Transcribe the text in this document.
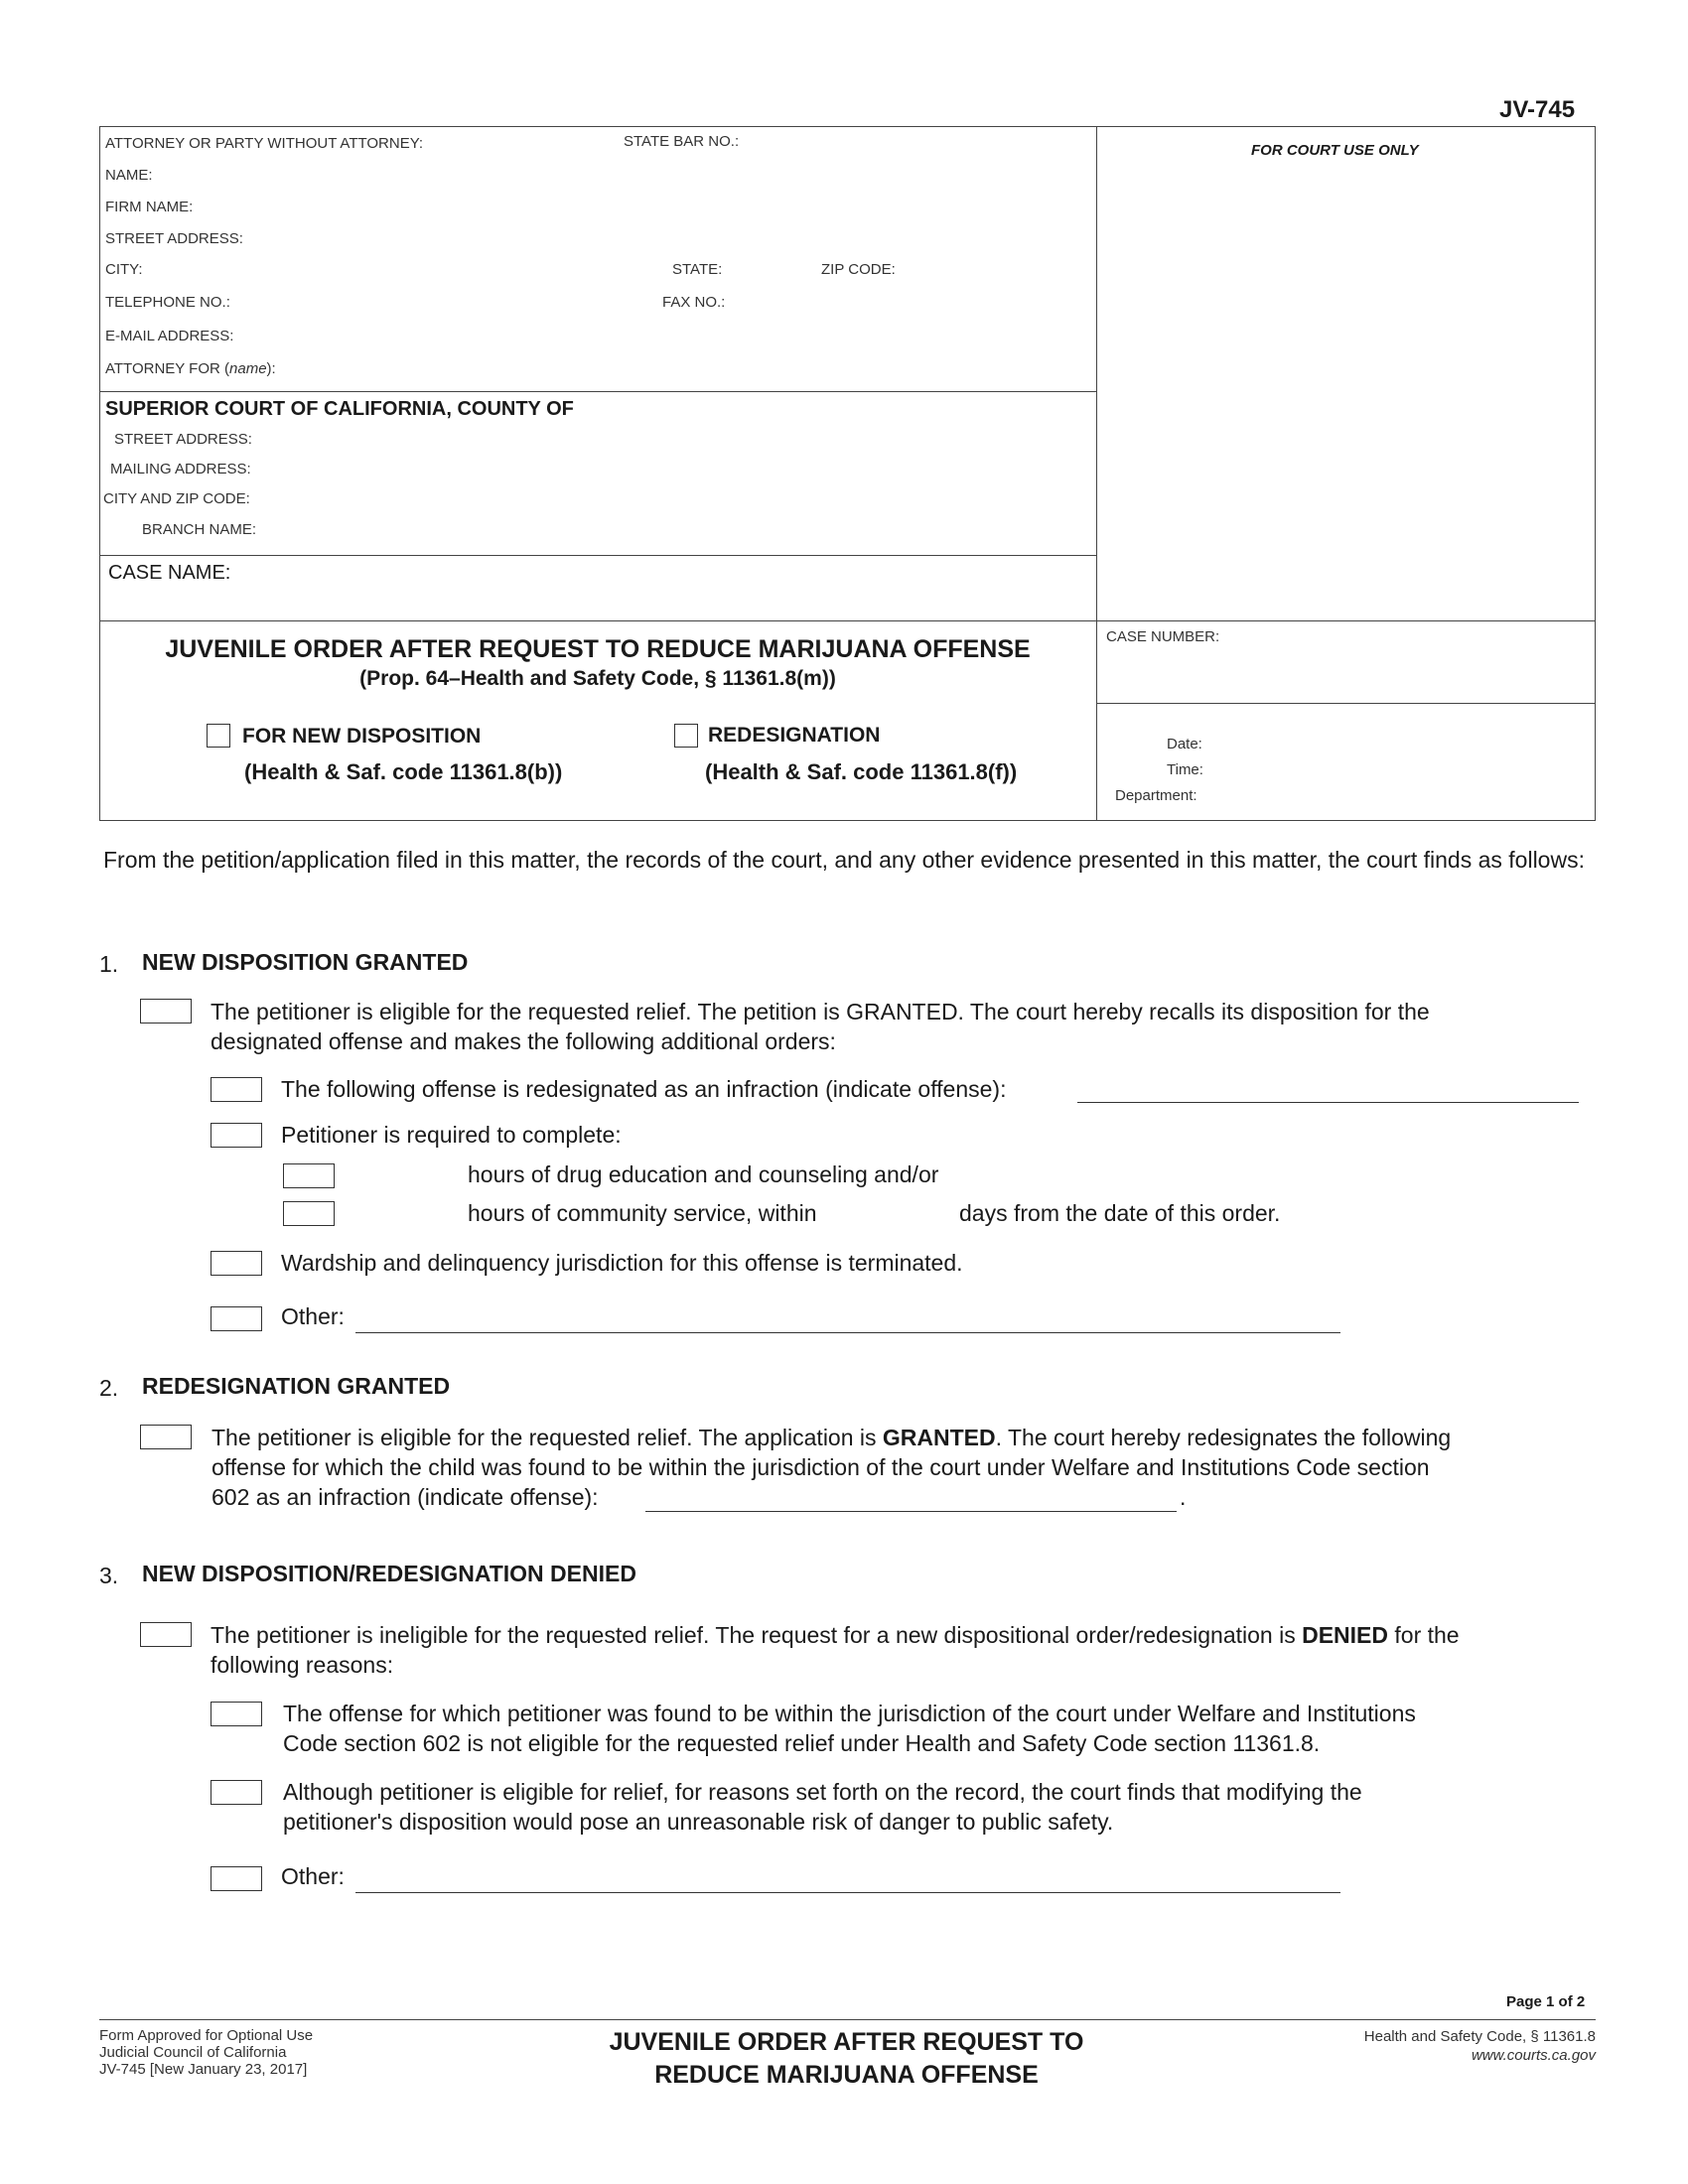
JV-745
ATTORNEY OR PARTY WITHOUT ATTORNEY:	STATE BAR NO.:
NAME:
FIRM NAME:
STREET ADDRESS:
CITY:	STATE:	ZIP CODE:
TELEPHONE NO.:	FAX NO.:
E-MAIL ADDRESS:
ATTORNEY FOR (name):
FOR COURT USE ONLY
SUPERIOR COURT OF CALIFORNIA, COUNTY OF
STREET ADDRESS:
MAILING ADDRESS:
CITY AND ZIP CODE:
BRANCH NAME:
CASE NAME:
CASE NUMBER:
JUVENILE ORDER AFTER REQUEST TO REDUCE MARIJUANA OFFENSE
(Prop. 64–Health and Safety Code, § 11361.8(m))
FOR NEW DISPOSITION
(Health & Saf. code 11361.8(b))
REDESIGNATION
(Health & Saf. code 11361.8(f))
Date:
Time:
Department:
From the petition/application filed in this matter, the records of the court, and any other evidence presented in this matter, the court finds as follows:
1. NEW DISPOSITION GRANTED
The petitioner is eligible for the requested relief. The petition is GRANTED. The court hereby recalls its disposition for the
designated offense and makes the following additional orders:
The following offense is redesignated as an infraction (indicate offense):
Petitioner is required to complete:
hours of drug education and counseling and/or
hours of community service, within	days from the date of this order.
Wardship and delinquency jurisdiction for this offense is terminated.
Other:
2. REDESIGNATION GRANTED
The petitioner is eligible for the requested relief. The application is GRANTED. The court hereby redesignates the following
offense for which the child was found to be within the jurisdiction of the court under Welfare and Institutions Code section
602 as an infraction (indicate offense):	.
3. NEW DISPOSITION/REDESIGNATION DENIED
The petitioner is ineligible for the requested relief. The request for a new dispositional order/redesignation is DENIED for the
following reasons:
The offense for which petitioner was found to be within the jurisdiction of the court under Welfare and Institutions
Code section 602 is not eligible for the requested relief under Health and Safety Code section 11361.8.
Although petitioner is eligible for relief, for reasons set forth on the record, the court finds that modifying the
petitioner's disposition would pose an unreasonable risk of danger to public safety.
Other:
Page 1 of 2
Form Approved for Optional Use
Judicial Council of California
JV-745 [New January 23, 2017]
JUVENILE ORDER AFTER REQUEST TO
REDUCE MARIJUANA OFFENSE
Health and Safety Code, § 11361.8
www.courts.ca.gov
